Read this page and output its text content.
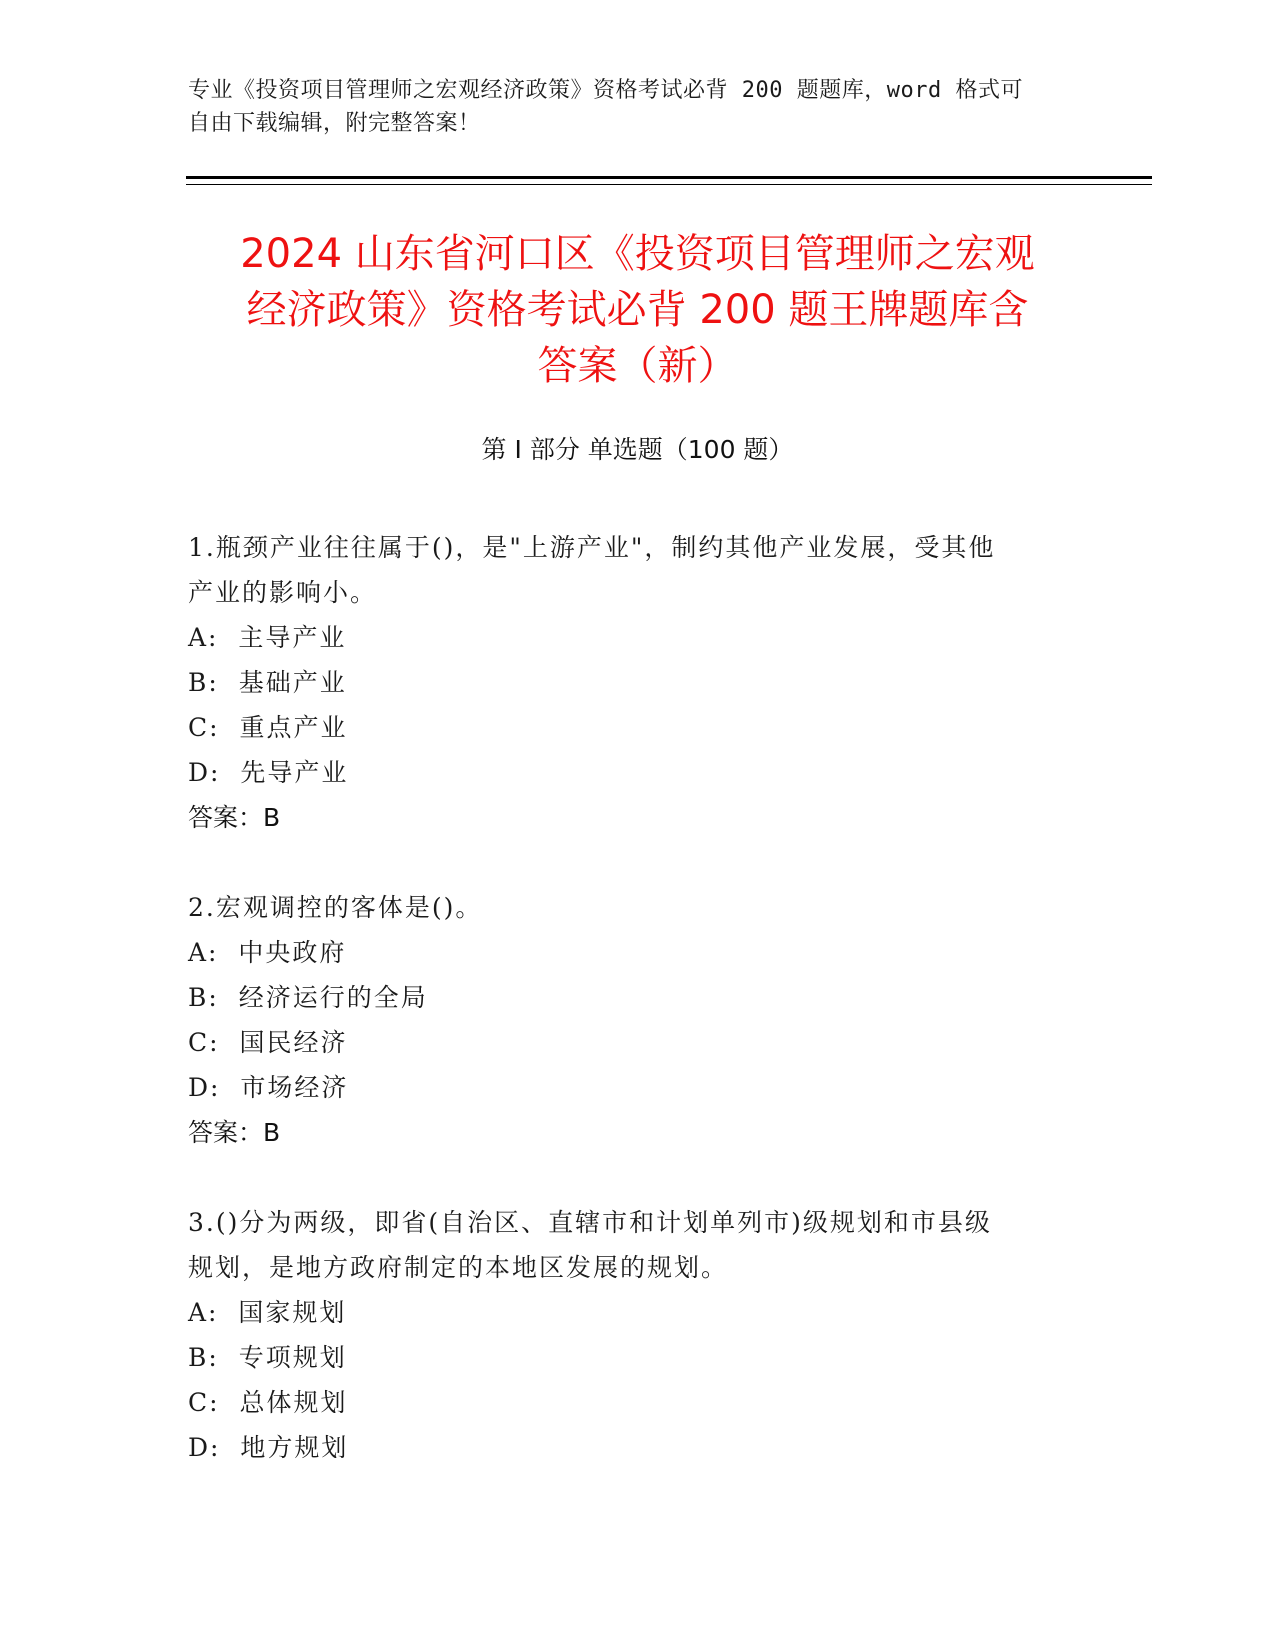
专业《投资项目管理师之宏观经济政策》资格考试必背 200 题题库，word 格式可
自由下载编辑，附完整答案！
2024 山东省河口区《投资项目管理师之宏观
经济政策》资格考试必背 200 题王牌题库含
答案（新）
第 I 部分 单选题（100 题）
1.瓶颈产业往往属于()，是"上游产业"，制约其他产业发展，受其他
产业的影响小。
A:  主导产业
B:  基础产业
C:  重点产业
D:  先导产业
答案：B
2.宏观调控的客体是()。
A:  中央政府
B:  经济运行的全局
C:  国民经济
D:  市场经济
答案：B
3.()分为两级，即省(自治区、直辖市和计划单列市)级规划和市县级
规划，是地方政府制定的本地区发展的规划。
A:  国家规划
B:  专项规划
C:  总体规划
D:  地方规划
